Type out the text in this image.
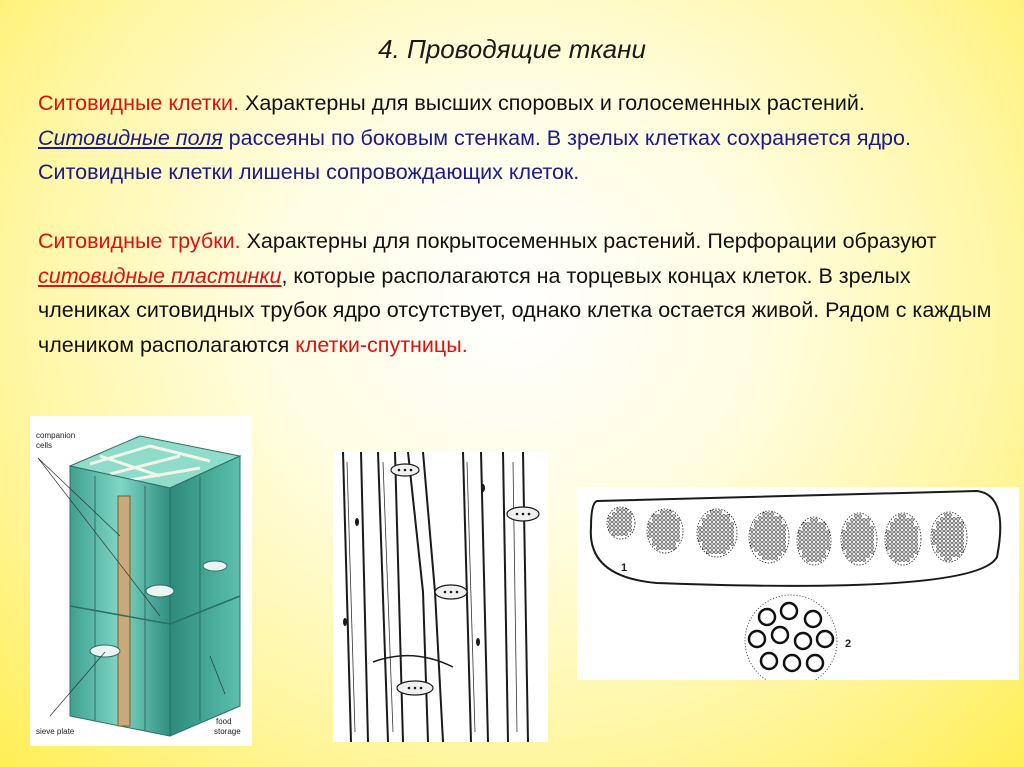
4. Проводящие ткани

Ситовидные клетки. Характерны для высших споровых и голосеменных растений. Ситовидные поля рассеяны по боковым стенкам. В зрелых клетках сохраняется ядро. Ситовидные клетки лишены сопровождающих клеток.

Ситовидные трубки. Характерны для покрытосеменных растений. Перфорации образуют ситовидные пластинки, которые располагаются на торцевых концах клеток. В зрелых члениках ситовидных трубок ядро отсутствует, однако клетка остается живой. Рядом с каждым члеником располагаются клетки-спутницы.

companion
cells
sieve plate
food
storage
1
2
